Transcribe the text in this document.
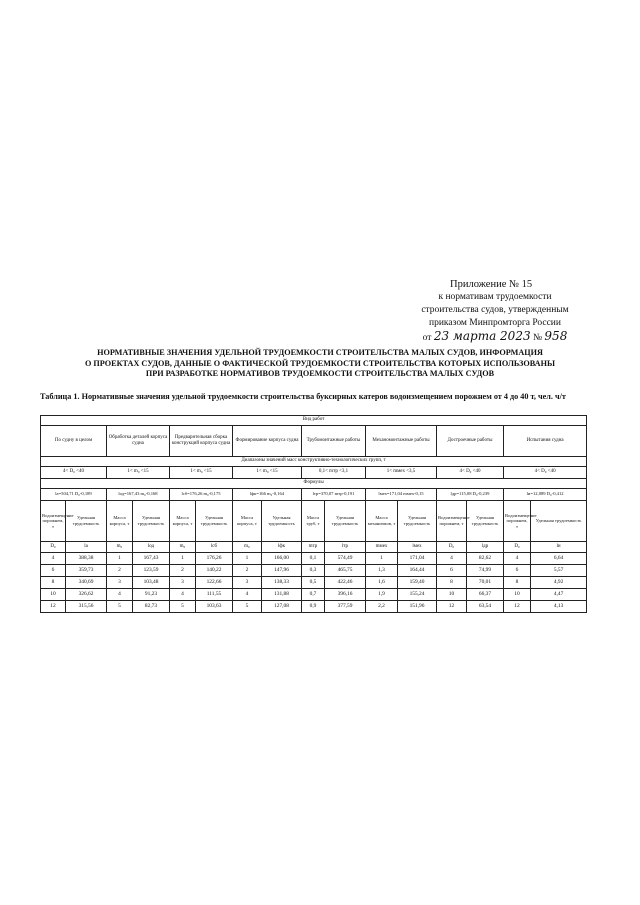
Приложение № 15
к нормативам трудоемкости
строительства судов, утвержденным
приказом Минпромторга России
от 23 марта 2023 № 958
НОРМАТИВНЫЕ ЗНАЧЕНИЯ УДЕЛЬНОЙ ТРУДОЕМКОСТИ СТРОИТЕЛЬСТВА МАЛЫХ СУДОВ, ИНФОРМАЦИЯ
О ПРОЕКТАХ СУДОВ, ДАННЫЕ О ФАКТИЧЕСКОЙ ТРУДОЕМКОСТИ СТРОИТЕЛЬСТВА КОТОРЫХ ИСПОЛЬЗОВАНЫ
ПРИ РАЗРАБОТКЕ НОРМАТИВОВ ТРУДОЕМКОСТИ СТРОИТЕЛЬСТВА МАЛЫХ СУДОВ
Таблица 1. Нормативные значения удельной трудоемкости строительства буксирных катеров водоизмещением порожнем от 4 до 40 т, чел. ч/т
Вид работ															
По судну в целом		Обработка деталей корпуса судна		Предварительная сборка конструкций корпуса судна		Формирование корпуса судна		Трубомонтажные работы		Механомонтажные работы		Достроечные работы		Испытания судна	
Диапазоны значений масс конструктивно-технологических групп, т															
4< D₀ <40		1< m₀ <15		1< m₀ <15		1< m₀ <15		0,1< mтр <3,1		1< mмех <3,5		4< D₀ <40		4< D₀ <40	
Формулы															
lа=504,71 D₀-0,189		lод=167,43 m₀-0,168		lсб=176,26 m₀-0,175		lфк=166 m₀-0,164		lтр=370,07 mтр-0,191		lмех=171,04 mмех-0,15		lдр=115,08 D₀-0,239		lи=12,089 D₀-0,412	
Водоизмещение порожнем, т	Удельная трудоемкость	Масса корпуса, т	Удельная трудоемкость	Масса корпуса, т	Удельная трудоемкость	Масса корпуса, т	Удельная трудоемкость	Масса труб, т	Удельная трудоемкость	Масса механизмов, т	Удельная трудоемкость	Водоизмещение порожнем, т	Удельная трудоемкость	Водоизмещение порожнем, т	Удельная трудоемкость
D₀	lа	m₀	lод	m₀	lсб	m₀	lфк	mтр	lтр	mмех	lмех	D₀	lдр	D₀	lи
4	388,38	1	167,43	1	176,26	1	166,00	0,1	574,49	1	171,04	4	82,62	4	6,64
6	359,73	2	123,59	2	140,22	2	147,96	0,3	465,75	1,3	164,44	6	74,99	6	5,57
8	340,69	3	103,48	3	122,66	3	138,33	0,5	422,46	1,6	159,40	8	70,01	8	4,92
10	326,62	4	91,23	4	111,55	4	131,88	0,7	396,16	1,9	155,24	10	66,37	10	4,47
12	315,56	5	82,73	5	103,63	5	127,08	0,9	377,59	2,2	151,96	12	63,54	12	4,13
